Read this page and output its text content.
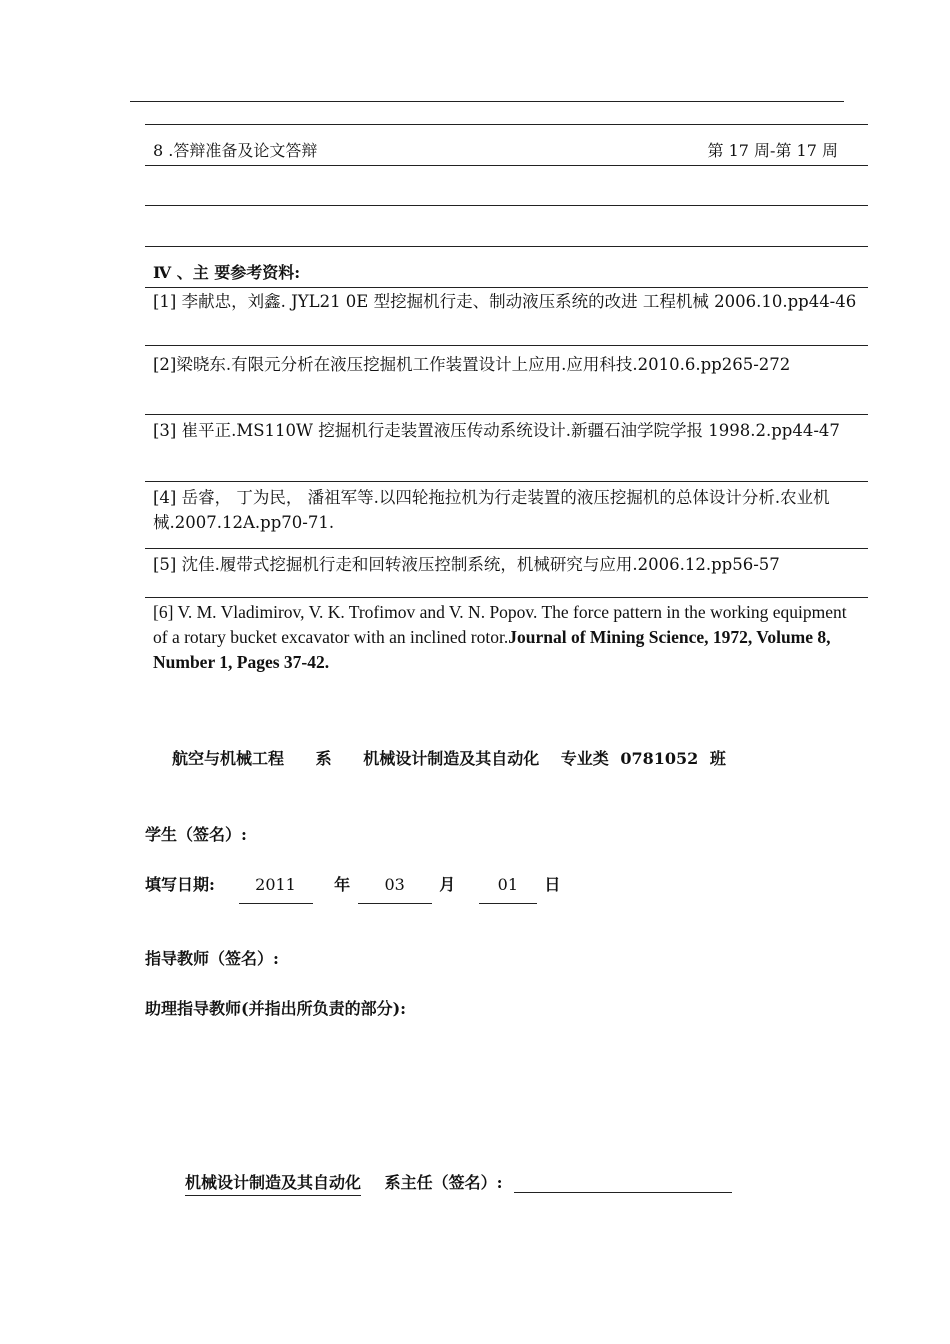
8 .答辩准备及论文答辩	第 17 周-第 17 周
Ⅳ 、主 要参考资料:
[1] 李献忠，刘鑫. JYL21 0E 型挖掘机行走、制动液压系统的改进 工程机械 2006.10.pp44-46
[2]梁晓东.有限元分析在液压挖掘机工作装置设计上应用.应用科技.2010.6.pp265-272
[3] 崔平正.MS110W 挖掘机行走装置液压传动系统设计.新疆石油学院学报 1998.2.pp44-47
[4] 岳睿， 丁为民， 潘祖军等.以四轮拖拉机为行走装置的液压挖掘机的总体设计分析.农业机械.2007.12A.pp70-71.
[5] 沈佳.履带式挖掘机行走和回转液压控制系统，机械研究与应用.2006.12.pp56-57
[6] V. M. Vladimirov, V. K. Trofimov and V. N. Popov. The force pattern in the working equipment of a rotary bucket excavator with an inclined rotor.Journal of Mining Science, 1972, Volume 8, Number 1, Pages 37-42.
航空与机械工程 系 机械设计制造及其自动化 专业类 0781052 班
学生（签名）:
填写日期:	2011 年 03 月	01 日
指导教师（签名）:
助理指导教师(并指出所负责的部分):
机械设计制造及其自动化 系主任（签名）:
